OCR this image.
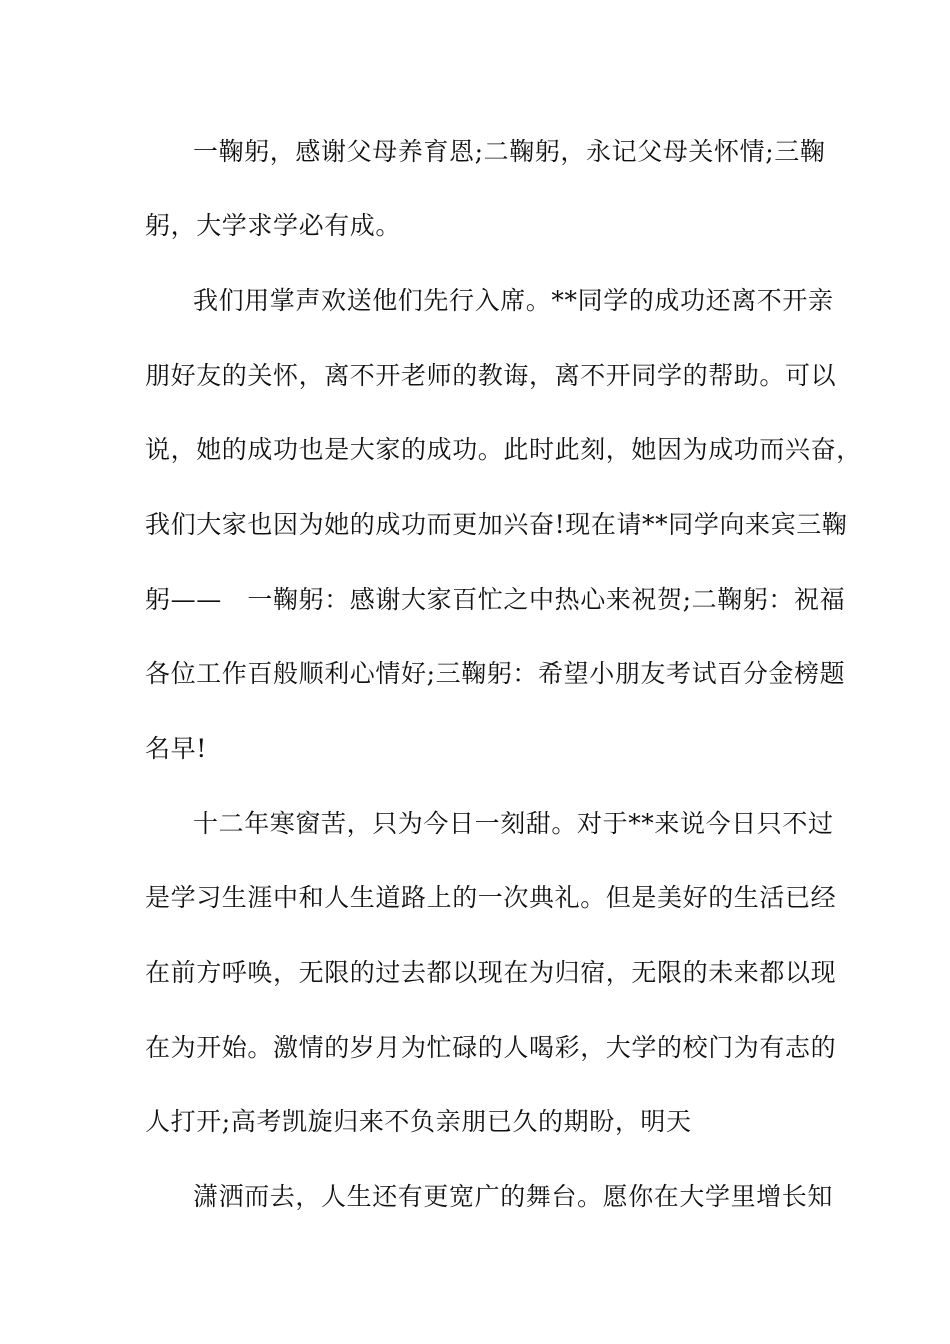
一鞠躬，感谢父母养育恩;二鞠躬，永记父母关怀情;三鞠
躬，大学求学必有成。
我们用掌声欢送他们先行入席。**同学的成功还离不开亲
朋好友的关怀，离不开老师的教诲，离不开同学的帮助。可以
说，她的成功也是大家的成功。此时此刻，她因为成功而兴奋，
我们大家也因为她的成功而更加兴奋!现在请**同学向来宾三鞠
躬——　一鞠躬：感谢大家百忙之中热心来祝贺;二鞠躬：祝福
各位工作百般顺利心情好;三鞠躬：希望小朋友考试百分金榜题
名早!
十二年寒窗苦，只为今日一刻甜。对于**来说今日只不过
是学习生涯中和人生道路上的一次典礼。但是美好的生活已经
在前方呼唤，无限的过去都以现在为归宿，无限的未来都以现
在为开始。激情的岁月为忙碌的人喝彩，大学的校门为有志的
人打开;高考凯旋归来不负亲朋已久的期盼，明天
潇洒而去，人生还有更宽广的舞台。愿你在大学里增长知
